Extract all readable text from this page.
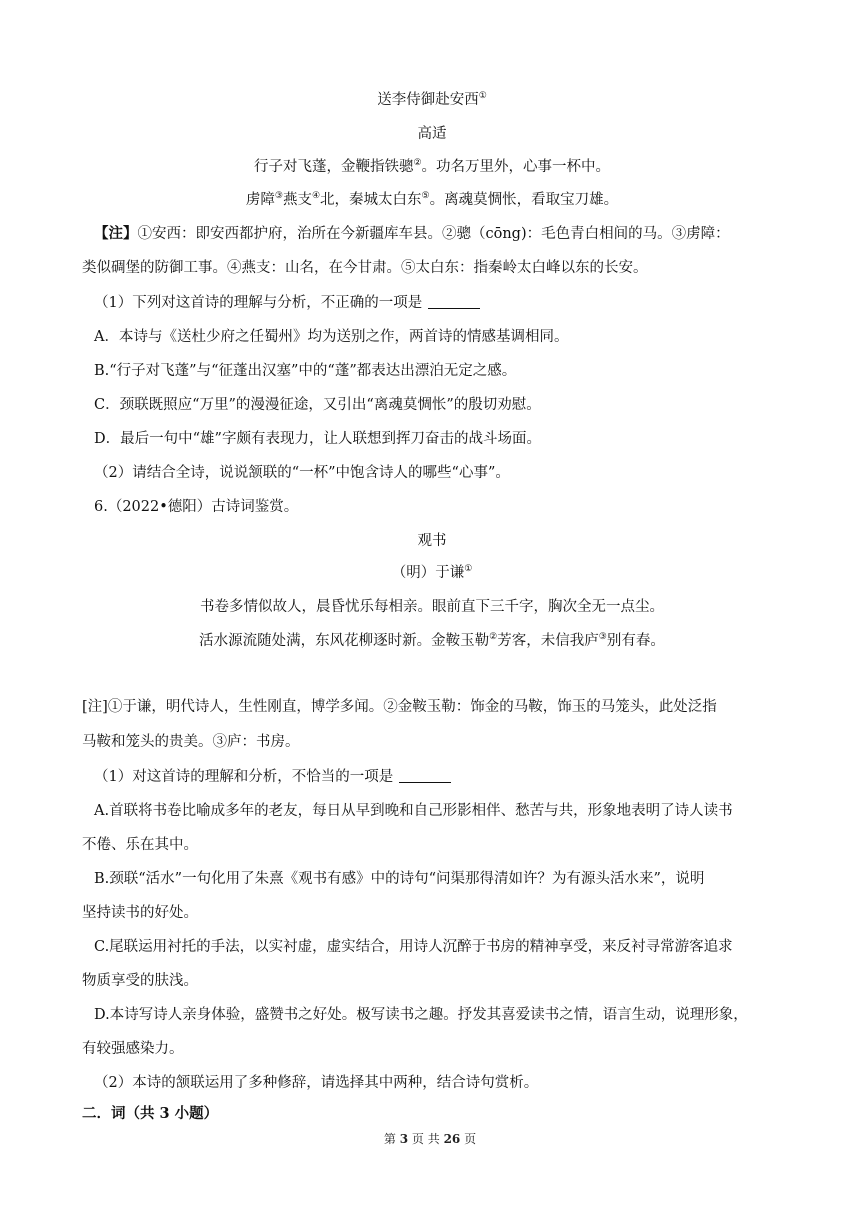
送李侍御赴安西①
高适
行子对飞蓬，金鞭指铁骢②。功名万里外，心事一杯中。
虏障③燕支④北，秦城太白东⑤。离魂莫惆怅，看取宝刀雄。
【注】①安西：即安西都护府，治所在今新疆库车县。②骢（cōng)：毛色青白相间的马。③虏障：
类似碉堡的防御工事。④燕支：山名，在今甘肃。⑤太白东：指秦岭太白峰以东的长安。
（1）下列对这首诗的理解与分析，不正确的一项是
A．本诗与《送杜少府之任蜀州》均为送别之作，两首诗的情感基调相同。
B.“行子对飞蓬”与“征蓬出汉塞”中的“蓬”都表达出漂泊无定之感。
C．颈联既照应“万里”的漫漫征途，又引出“离魂莫惆怅”的殷切劝慰。
D．最后一句中“雄”字颇有表现力，让人联想到挥刀奋击的战斗场面。
（2）请结合全诗，说说颔联的“一杯”中饱含诗人的哪些“心事”。
6.（2022•德阳）古诗词鉴赏。
观书
（明）于谦①
书卷多情似故人，晨昏忧乐每相亲。眼前直下三千字，胸次全无一点尘。
活水源流随处满，东风花柳逐时新。金鞍玉勒②芳客，未信我庐③别有春。
[注]①于谦，明代诗人，生性刚直，博学多闻。②金鞍玉勒：饰金的马鞍，饰玉的马笼头，此处泛指
马鞍和笼头的贵美。③庐：书房。
（1）对这首诗的理解和分析，不恰当的一项是
A.首联将书卷比喻成多年的老友，每日从早到晚和自己形影相伴、愁苦与共，形象地表明了诗人读书
不倦、乐在其中。
B.颈联“活水”一句化用了朱熹《观书有感》中的诗句“问渠那得清如许？为有源头活水来”，说明
坚持读书的好处。
C.尾联运用衬托的手法，以实衬虚，虚实结合，用诗人沉醉于书房的精神享受，来反衬寻常游客追求
物质享受的肤浅。
D.本诗写诗人亲身体验，盛赞书之好处。极写读书之趣。抒发其喜爱读书之情，语言生动，说理形象，
有较强感染力。
（2）本诗的颔联运用了多种修辞，请选择其中两种，结合诗句赏析。
二．词（共 3 小题）
第 3 页 共 26 页
